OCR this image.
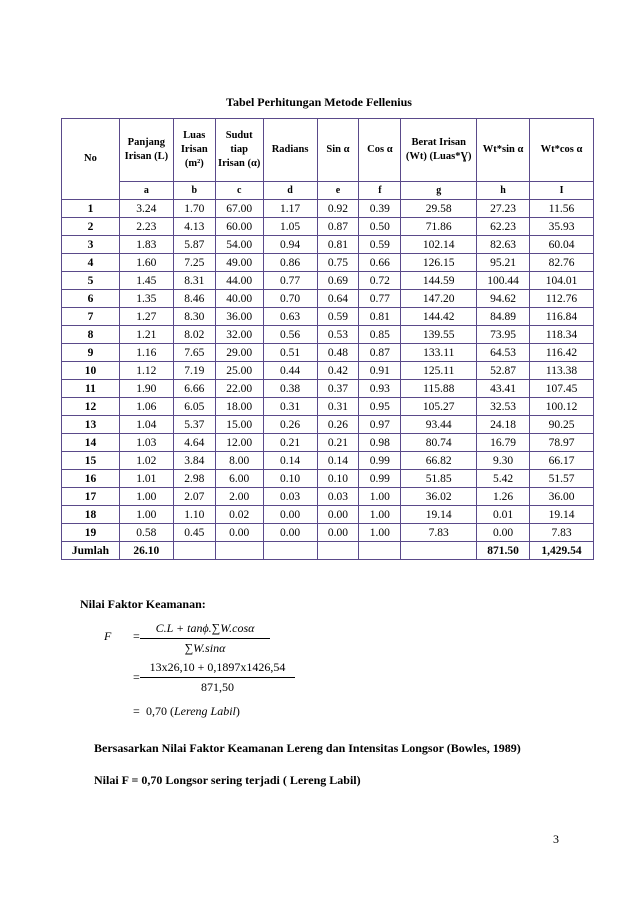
Tabel Perhitungan Metode Fellenius
No	Panjang Irisan (L)	Luas Irisan (m²)	Sudut tiap Irisan (α)	Radians	Sin α	Cos α	Berat Irisan (Wt) (Luas*Ɣ)	Wt*sin α	Wt*cos α
	a	b	c	d	e	f	g	h	I
1	3.24	1.70	67.00	1.17	0.92	0.39	29.58	27.23	11.56
2	2.23	4.13	60.00	1.05	0.87	0.50	71.86	62.23	35.93
3	1.83	5.87	54.00	0.94	0.81	0.59	102.14	82.63	60.04
4	1.60	7.25	49.00	0.86	0.75	0.66	126.15	95.21	82.76
5	1.45	8.31	44.00	0.77	0.69	0.72	144.59	100.44	104.01
6	1.35	8.46	40.00	0.70	0.64	0.77	147.20	94.62	112.76
7	1.27	8.30	36.00	0.63	0.59	0.81	144.42	84.89	116.84
8	1.21	8.02	32.00	0.56	0.53	0.85	139.55	73.95	118.34
9	1.16	7.65	29.00	0.51	0.48	0.87	133.11	64.53	116.42
10	1.12	7.19	25.00	0.44	0.42	0.91	125.11	52.87	113.38
11	1.90	6.66	22.00	0.38	0.37	0.93	115.88	43.41	107.45
12	1.06	6.05	18.00	0.31	0.31	0.95	105.27	32.53	100.12
13	1.04	5.37	15.00	0.26	0.26	0.97	93.44	24.18	90.25
14	1.03	4.64	12.00	0.21	0.21	0.98	80.74	16.79	78.97
15	1.02	3.84	8.00	0.14	0.14	0.99	66.82	9.30	66.17
16	1.01	2.98	6.00	0.10	0.10	0.99	51.85	5.42	51.57
17	1.00	2.07	2.00	0.03	0.03	1.00	36.02	1.26	36.00
18	1.00	1.10	0.02	0.00	0.00	1.00	19.14	0.01	19.14
19	0.58	0.45	0.00	0.00	0.00	1.00	7.83	0.00	7.83
Jumlah	26.10							871.50	1,429.54
Nilai Faktor Keamanan:
F =
C.L + tanϕ.∑W.cosα
∑W.sinα
=
13x26,10 + 0,1897x1426,54
871,50
= 0,70 (Lereng Labil)
Bersasarkan Nilai Faktor Keamanan Lereng dan Intensitas Longsor (Bowles, 1989)
Nilai F = 0,70 Longsor sering terjadi ( Lereng Labil)
3
